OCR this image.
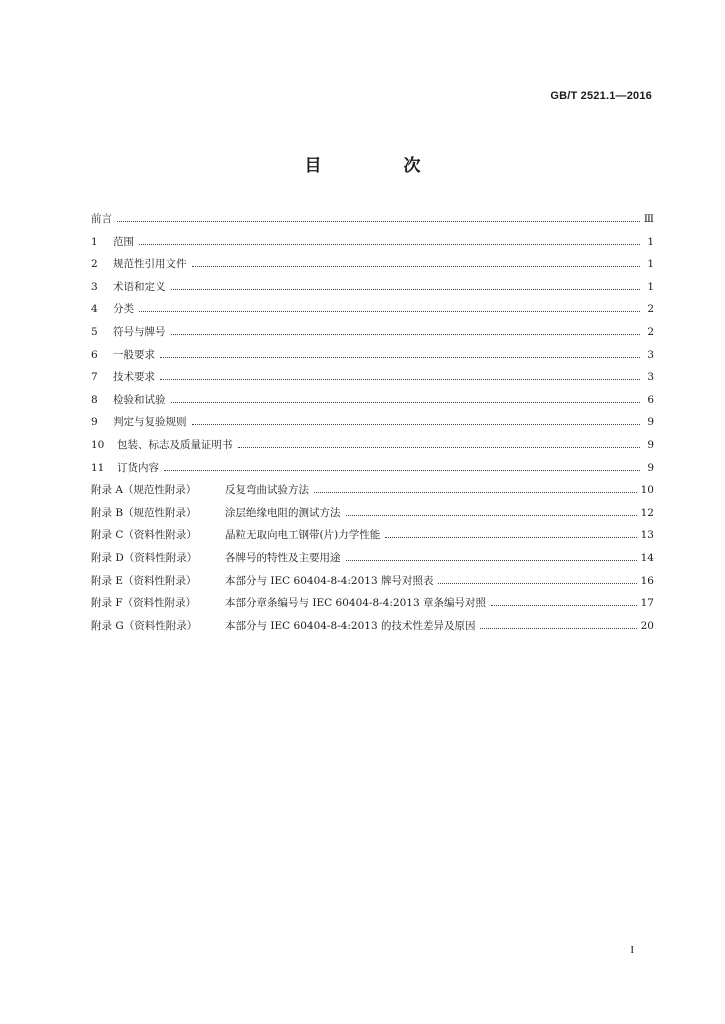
GB/T 2521.1—2016
目 次
前言	Ⅲ
1	范围	1
2	规范性引用文件	1
3	术语和定义	1
4	分类	2
5	符号与牌号	2
6	一般要求	3
7	技术要求	3
8	检验和试验	6
9	判定与复验规则	9
10	包装、标志及质量证明书	9
11	订货内容	9
附录 A（规范性附录）	反复弯曲试验方法	10
附录 B（规范性附录）	涂层绝缘电阻的测试方法	12
附录 C（资料性附录）	晶粒无取向电工钢带(片)力学性能	13
附录 D（资料性附录）	各牌号的特性及主要用途	14
附录 E（资料性附录）	本部分与 IEC 60404-8-4:2013 牌号对照表	16
附录 F（资料性附录）	本部分章条编号与 IEC 60404-8-4:2013 章条编号对照	17
附录 G（资料性附录）	本部分与 IEC 60404-8-4:2013 的技术性差异及原因	20
I
